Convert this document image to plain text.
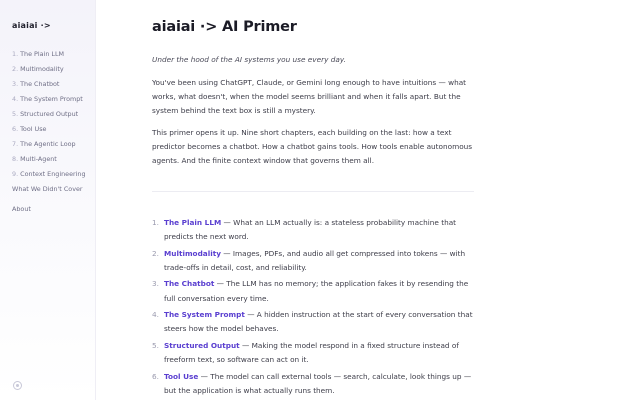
aiaiai ·>
1. The Plain LLM
2. Multimodality
3. The Chatbot
4. The System Prompt
5. Structured Output
6. Tool Use
7. The Agentic Loop
8. Multi-Agent
9. Context Engineering
What We Didn't Cover
About
aiaiai ·> AI Primer

Under the hood of the AI systems you use every day.

You've been using ChatGPT, Claude, or Gemini long enough to have intuitions — what works, what doesn't, when the model seems brilliant and when it falls apart. But the system behind the text box is still a mystery.

This primer opens it up. Nine short chapters, each building on the last: how a text predictor becomes a chatbot. How a chatbot gains tools. How tools enable autonomous agents. And the finite context window that governs them all.

1. The Plain LLM — What an LLM actually is: a stateless probability machine that predicts the next word.
2. Multimodality — Images, PDFs, and audio all get compressed into tokens — with trade-offs in detail, cost, and reliability.
3. The Chatbot — The LLM has no memory; the application fakes it by resending the full conversation every time.
4. The System Prompt — A hidden instruction at the start of every conversation that steers how the model behaves.
5. Structured Output — Making the model respond in a fixed structure instead of freeform text, so software can act on it.
6. Tool Use — The model can call external tools — search, calculate, look things up — but the application is what actually runs them.
